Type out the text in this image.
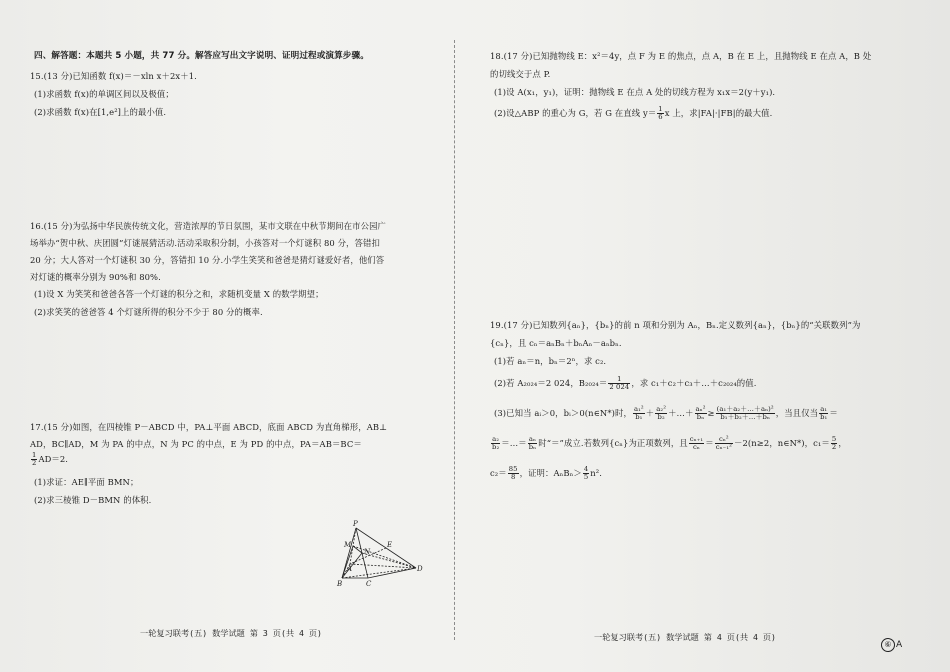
四、解答题：本题共 5 小题，共 77 分。解答应写出文字说明、证明过程或演算步骤。
15.(13 分)已知函数 f(x)＝－xln x＋2x＋1.
(1)求函数 f(x)的单调区间以及极值；
(2)求函数 f(x)在[1,e²]上的最小值.
16.(15 分)为弘扬中华民族传统文化，营造浓厚的节日氛围，某市文联在中秋节期间在市公园广
场举办“贺中秋、庆团圆”灯谜展猜活动.活动采取积分制，小孩答对一个灯谜积 80 分，答错扣
20 分；大人答对一个灯谜积 30 分，答错扣 10 分.小学生笑笑和爸爸是猜灯谜爱好者，他们答
对灯谜的概率分别为 90%和 80%.
(1)设 X 为笑笑和爸爸各答一个灯谜的积分之和，求随机变量 X 的数学期望；
(2)求笑笑的爸爸答 4 个灯谜所得的积分不少于 80 分的概率.
17.(15 分)如图，在四棱锥 P－ABCD 中，PA⊥平面 ABCD，底面 ABCD 为直角梯形，AB⊥
AD，BC∥AD，M 为 PA 的中点，N 为 PC 的中点，E 为 PD 的中点，PA＝AB＝BC＝
$\frac{1}{2} AD=2$.
(1)求证：AE∥平面 BMN；
(2)求三棱锥 D－BMN 的体积.
一轮复习联考(五) 数学试题 第 3 页(共 4 页)
P
M	E
N
A
B	C
D
18.(17 分)已知抛物线 E：x²＝4y，点 F 为 E 的焦点，点 A，B 在 E 上，且抛物线 E 在点 A，B 处
的切线交于点 P.
(1)设 A(x₁，y₁)，证明：抛物线 E 在点 A 处的切线方程为 x₁x＝2(y＋y₁).
(2)设△ABP 的重心为 G，若 G 在直线 $y= \frac{1}{6}$ x 上，求|FA|·|FB|的最大值.
19.(17 分)已知数列{aₙ}，{bₙ}的前 n 项和分别为 Aₙ，Bₙ.定义数列{aₙ}，{bₙ}的“关联数列”为
{cₙ}，且 cₙ＝aₙBₙ＋bₙAₙ－aₙbₙ.
(1)若 aₙ＝n，bₙ＝2ⁿ，求 c₂.
(2)若 A₂₀₂₄＝2 024，$B_{2024}= \frac{1}{2 024}$ ，求 c₁＋c₂＋c₃＋…＋c₂₀₂₄的值.
(3)已知当 aᵢ＞0，bᵢ＞0(n∈N*)时， $\frac{\text{a₁²}}{\text{b₁}} + \frac{\text{a₂²}}{\text{b₂}}$ ＋…＋ $\frac{\text{aₙ²}}{\text{bₙ}} \ge \frac{\text{(a₁＋a₂＋…＋aₙ)²}}{\text{b₁＋b₂＋…＋bₙ}}$ ，当且仅当 $\frac{\text{a₁}}{\text{b₁}}$ ＝
$\frac{\text{a₂}}{\text{b₂}}$ ＝…＝ $\frac{\text{aₙ}}{\text{bₙ}}$ 时“＝”成立.若数列{cₙ}为正项数列，且 $\frac{\text{cₙ₊₁}}{\text{cₙ}} = \frac{\text{cₙ²}}{\text{cₙ₋₁²}} -2(n\ge 2$，n∈N*)，$c_1= \frac{5}{2}$ ，
$c_2= \frac{85}{8}$ ，证明：$A_nB_n> \frac{4}{5} n^2$.
一轮复习联考(五) 数学试题 第 4 页(共 4 页)
⑥ A
